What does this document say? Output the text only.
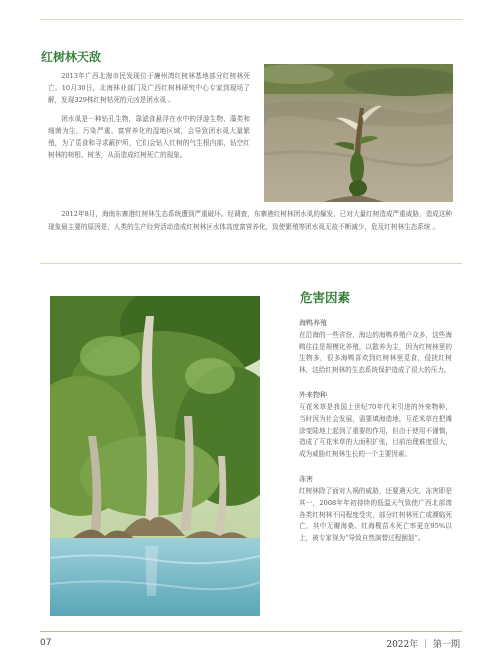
红树林天敌

2013年广西北海市民发现位于廉州湾红树林基地部分红树林死亡。10月30日，北海林业部门及广西红树林研究中心专家到现场了解，发现329株红树枯死的元凶是团水虱 。

团水虱是一种钻孔生物，靠滤食悬浮在水中的浮游生物、藻类和细菌为生，污染严重、富营养化的湿地区域，会导致团水虱大量繁殖，为了觅食和寻求蔽护所，它们会钻入红树的气生根内部，钻空红树林的树根、树茎，从而造成红树死亡的现象。

2012年8月，海南东寨港红树林生态系统遭到严重破坏。经调查，东寨港红树林团水虱的爆发，已对大量红树造成严重威胁，造成这种现象最主要的原因是，人类的生产经营活动造成红树林区水体高度富营养化，致使繁殖等团水虱无故不断减少，危及红树林生态系统 。

危害因素
海鸭养殖

在沿海的一些省份，海边的海鸭养殖户众多，这些海鸭往往是规模化养殖，以散养为主，因为红树林里的生物多，很多海鸭喜欢到红树林里觅食，侵扰红树林，这给红树林的生态系统保护造成了很大的压力。

外来物种

互花米草是我国上世纪70年代末引进的外来物种，当时因为社会发展，需要填海造地，互花米草在把滩涂变陆地上起到了重要的作用，但由于使用不谨慎，造成了互花米草的大面积扩张，目前治理难度很大，成为威胁红树林生长的一个主要因素。

冻害

红树林除了面对人祸的威胁，还要遇天灾，冻害即是其一，2008年年初持续的低温天气致使广西北部湾各类红树林不同程度受灾，部分红树林死亡或濒临死亡，其中无瓣海桑、红海榄苗木死亡率更在95%以上，被专家视为“导致自然演替过程倒退”。

07	2022年 ｜ 第一期
